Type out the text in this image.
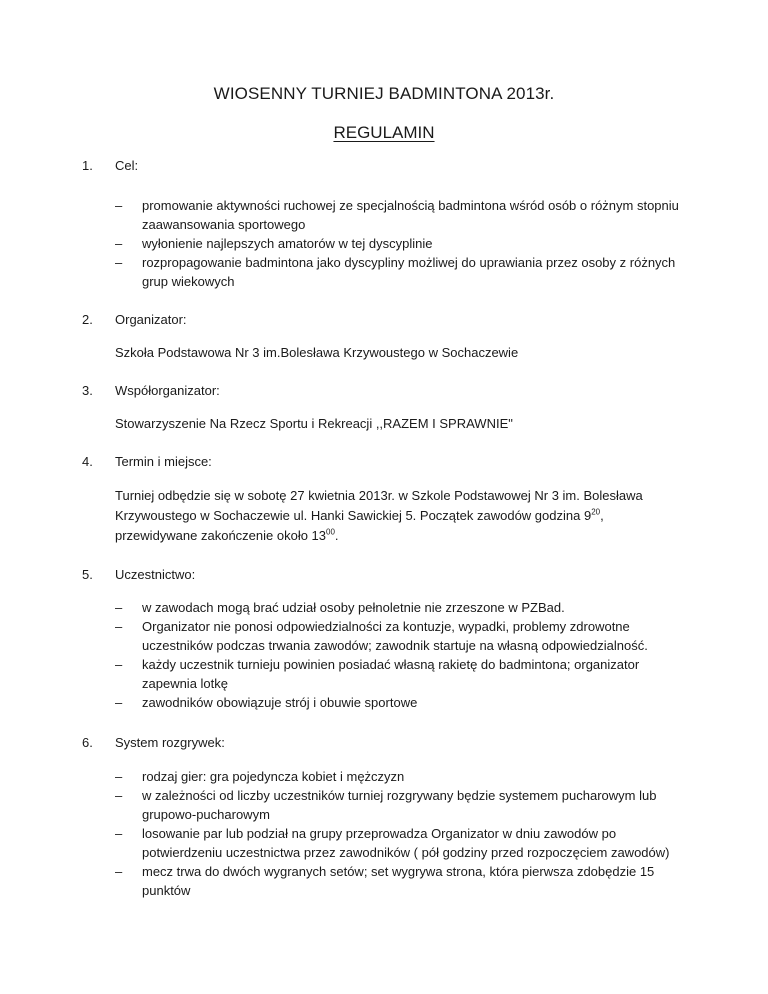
WIOSENNY TURNIEJ BADMINTONA 2013r.
REGULAMIN
1. Cel:
– promowanie aktywności ruchowej ze specjalnością badmintona wśród osób o różnym stopniu zaawansowania sportowego
– wyłonienie najlepszych amatorów w tej dyscyplinie
– rozpropagowanie badmintona jako dyscypliny możliwej do uprawiania przez osoby z różnych grup wiekowych
2. Organizator:
Szkoła Podstawowa Nr 3 im.Bolesława Krzywoustego w Sochaczewie
3. Współorganizator:
Stowarzyszenie Na Rzecz Sportu i Rekreacji ,,RAZEM I SPRAWNIE"
4. Termin i miejsce:
Turniej odbędzie się w sobotę 27 kwietnia 2013r. w Szkole Podstawowej Nr 3 im. Bolesława Krzywoustego w Sochaczewie ul. Hanki Sawickiej 5. Początek zawodów godzina $9^{20}$, przewidywane zakończenie około $13^{00}$.
5. Uczestnictwo:
– w zawodach mogą brać udział osoby pełnoletnie nie zrzeszone w PZBad.
– Organizator nie ponosi odpowiedzialności za kontuzje, wypadki, problemy zdrowotne uczestników podczas trwania zawodów; zawodnik startuje na własną odpowiedzialność.
– każdy uczestnik turnieju powinien posiadać własną rakietę do badmintona; organizator zapewnia lotkę
– zawodników obowiązuje strój i obuwie sportowe
6. System rozgrywek:
– rodzaj gier: gra pojedyncza kobiet i mężczyzn
– w zależności od liczby uczestników turniej rozgrywany będzie systemem pucharowym lub grupowo-pucharowym
– losowanie par lub podział na grupy przeprowadza Organizator w dniu zawodów po potwierdzeniu uczestnictwa przez zawodników ( pół godziny przed rozpoczęciem zawodów)
– mecz trwa do dwóch wygranych setów; set wygrywa strona, która pierwsza zdobędzie 15 punktów
